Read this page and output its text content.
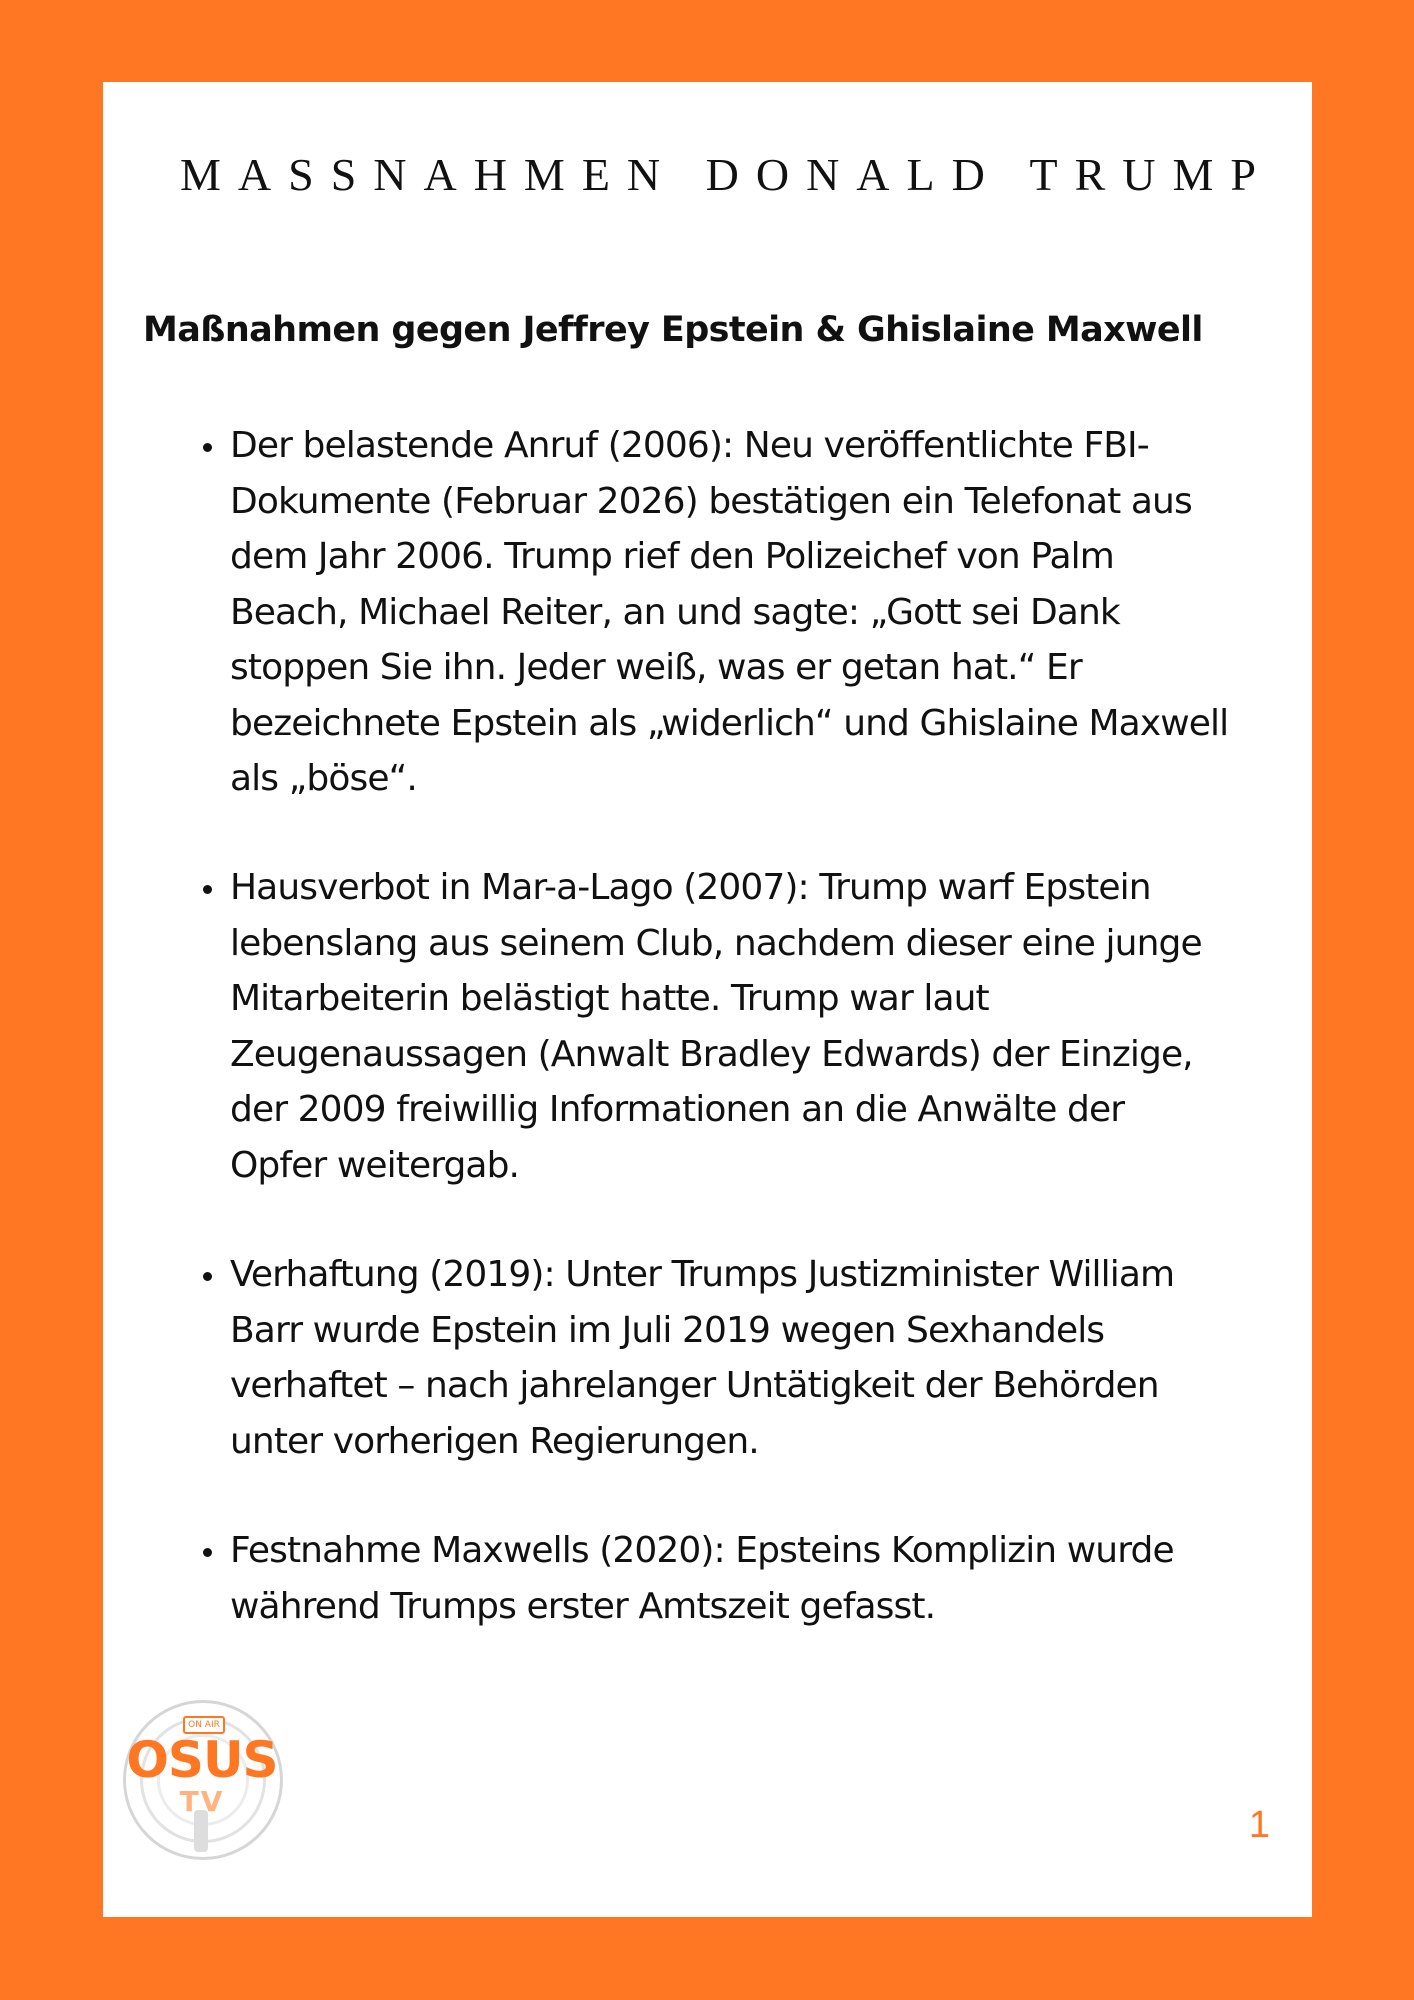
MASSNAHMEN DONALD TRUMP
Maßnahmen gegen Jeffrey Epstein & Ghislaine Maxwell

Der belastende Anruf (2006): Neu veröffentlichte FBI-
Dokumente (Februar 2026) bestätigen ein Telefonat aus
dem Jahr 2006. Trump rief den Polizeichef von Palm
Beach, Michael Reiter, an und sagte: „Gott sei Dank
stoppen Sie ihn. Jeder weiß, was er getan hat.“ Er
bezeichnete Epstein als „widerlich“ und Ghislaine Maxwell
als „böse“.

Hausverbot in Mar-a-Lago (2007): Trump warf Epstein
lebenslang aus seinem Club, nachdem dieser eine junge
Mitarbeiterin belästigt hatte. Trump war laut
Zeugenaussagen (Anwalt Bradley Edwards) der Einzige,
der 2009 freiwillig Informationen an die Anwälte der
Opfer weitergab.

Verhaftung (2019): Unter Trumps Justizminister William
Barr wurde Epstein im Juli 2019 wegen Sexhandels
verhaftet – nach jahrelanger Untätigkeit der Behörden
unter vorherigen Regierungen.

Festnahme Maxwells (2020): Epsteins Komplizin wurde
während Trumps erster Amtszeit gefasst.

ON AIR
OSUS
TV
1
